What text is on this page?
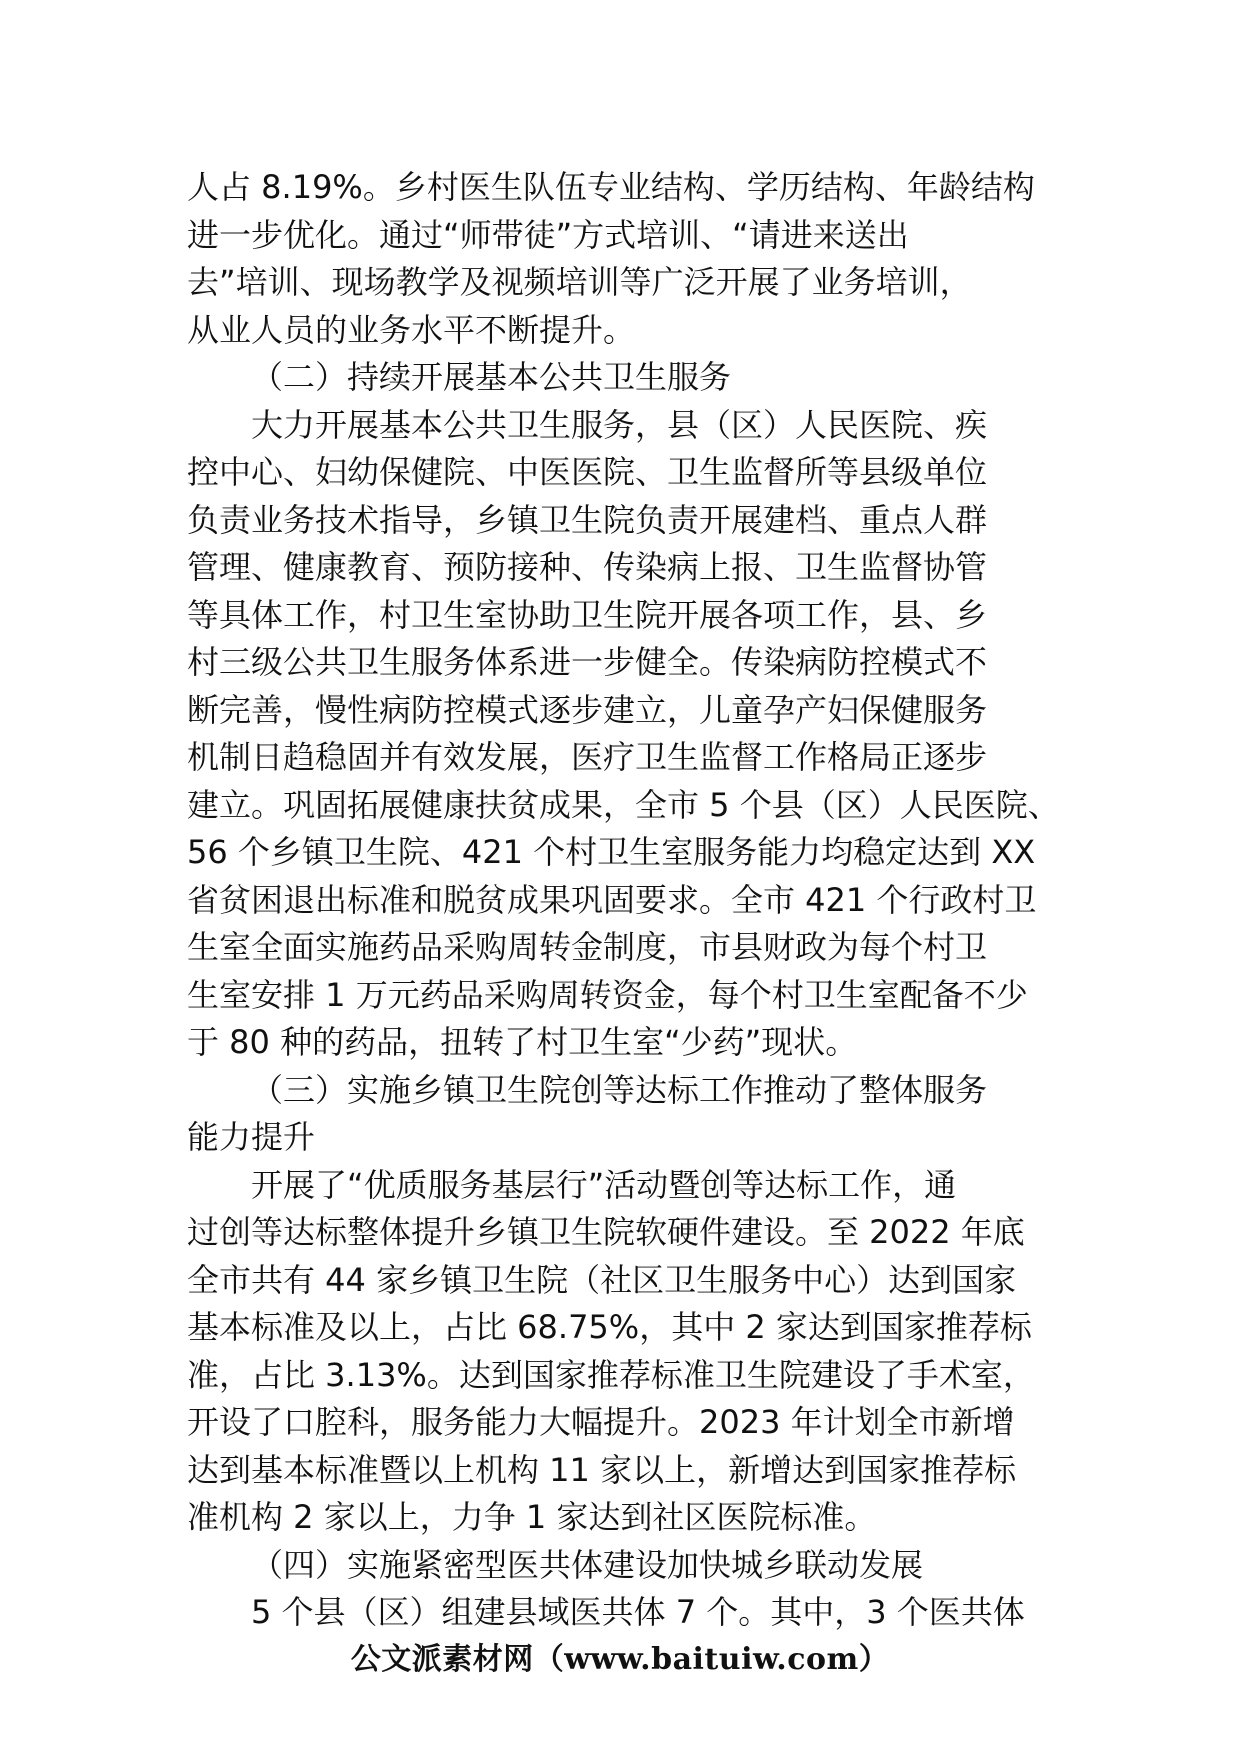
人占 8.19%。乡村医生队伍专业结构、学历结构、年龄结构
进一步优化。通过“师带徒”方式培训、“请进来送出
去”培训、现场教学及视频培训等广泛开展了业务培训，
从业人员的业务水平不断提升。
（二）持续开展基本公共卫生服务
大力开展基本公共卫生服务，县（区）人民医院、疾
控中心、妇幼保健院、中医医院、卫生监督所等县级单位
负责业务技术指导，乡镇卫生院负责开展建档、重点人群
管理、健康教育、预防接种、传染病上报、卫生监督协管
等具体工作，村卫生室协助卫生院开展各项工作，县、乡
村三级公共卫生服务体系进一步健全。传染病防控模式不
断完善，慢性病防控模式逐步建立，儿童孕产妇保健服务
机制日趋稳固并有效发展，医疗卫生监督工作格局正逐步
建立。巩固拓展健康扶贫成果，全市 5 个县（区）人民医院、
56 个乡镇卫生院、421 个村卫生室服务能力均稳定达到 XX
省贫困退出标准和脱贫成果巩固要求。全市 421 个行政村卫
生室全面实施药品采购周转金制度，市县财政为每个村卫
生室安排 1 万元药品采购周转资金，每个村卫生室配备不少
于 80 种的药品，扭转了村卫生室“少药”现状。
（三）实施乡镇卫生院创等达标工作推动了整体服务
能力提升
开展了“优质服务基层行”活动暨创等达标工作，通
过创等达标整体提升乡镇卫生院软硬件建设。至 2022 年底
全市共有 44 家乡镇卫生院（社区卫生服务中心）达到国家
基本标准及以上，占比 68.75%，其中 2 家达到国家推荐标
准，占比 3.13%。达到国家推荐标准卫生院建设了手术室，
开设了口腔科，服务能力大幅提升。2023 年计划全市新增
达到基本标准暨以上机构 11 家以上，新增达到国家推荐标
准机构 2 家以上，力争 1 家达到社区医院标准。
（四）实施紧密型医共体建设加快城乡联动发展
5 个县（区）组建县域医共体 7 个。其中，3 个医共体
公文派素材网（www.baituiw.com）
